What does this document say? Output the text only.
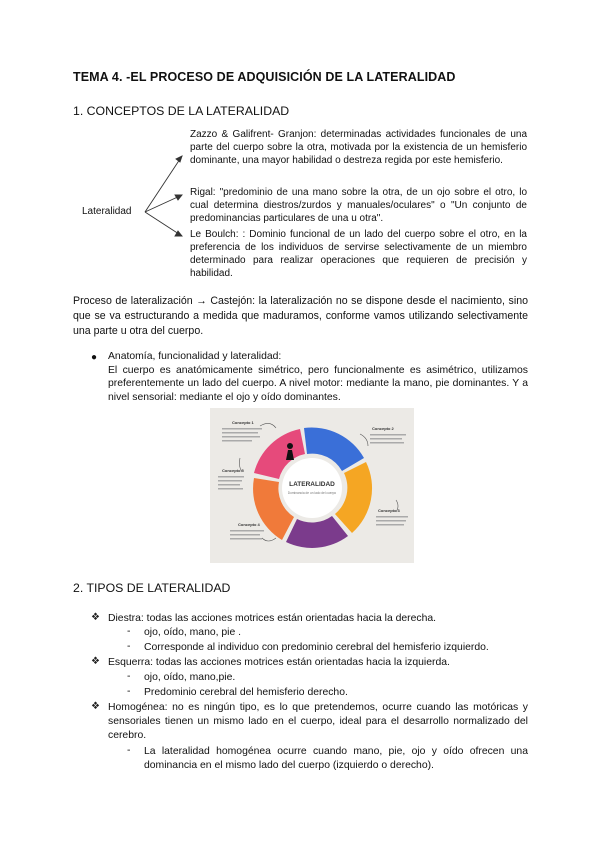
TEMA 4. -EL PROCESO DE ADQUISICIÓN DE LA LATERALIDAD
1. CONCEPTOS DE LA LATERALIDAD
Lateralidad
Zazzo & Galifrent- Granjon: determinadas actividades funcionales de una parte del cuerpo sobre la otra, motivada por la existencia de un hemisferio dominante, una mayor habilidad o destreza regida por este hemisferio.
Rigal: "predominio de una mano sobre la otra, de un ojo sobre el otro, lo cual determina diestros/zurdos y manuales/oculares" o "Un conjunto de predominancias particulares de una u otra".
Le Boulch: : Dominio funcional de un lado del cuerpo sobre el otro, en la preferencia de los individuos de servirse selectivamente de un miembro determinado para realizar operaciones que requieren de precisión y habilidad.
Proceso de lateralización → Castejón: la lateralización no se dispone desde el nacimiento, sino que se va estructurando a medida que maduramos, conforme vamos utilizando selectivamente una parte u otra del cuerpo.
● Anatomía, funcionalidad y lateralidad:
El cuerpo es anatómicamente simétrico, pero funcionalmente es asimétrico, utilizamos preferentemente un lado del cuerpo. A nivel motor: mediante la mano, pie dominantes. Y a nivel sensorial: mediante el ojo y oído dominantes.
LATERALIDAD
Dominancia de un lado del cuerpo
Concepto 1
Concepto 2
Concepto 3
Concepto 4
Concepto 5
2. TIPOS DE LATERALIDAD
❖ Diestra: todas las acciones motrices están orientadas hacia la derecha.
- ojo, oído, mano, pie .
- Corresponde al individuo con predominio cerebral del hemisferio izquierdo.
❖ Esquerra: todas las acciones motrices están orientadas hacia la izquierda.
- ojo, oído, mano,pie.
- Predominio cerebral del hemisferio derecho.
❖ Homogénea: no es ningún tipo, es lo que pretendemos, ocurre cuando las motóricas y sensoriales tienen un mismo lado en el cuerpo, ideal para el desarrollo normalizado del cerebro.
- La lateralidad homogénea ocurre cuando mano, pie, ojo y oído ofrecen una dominancia en el mismo lado del cuerpo (izquierdo o derecho).
